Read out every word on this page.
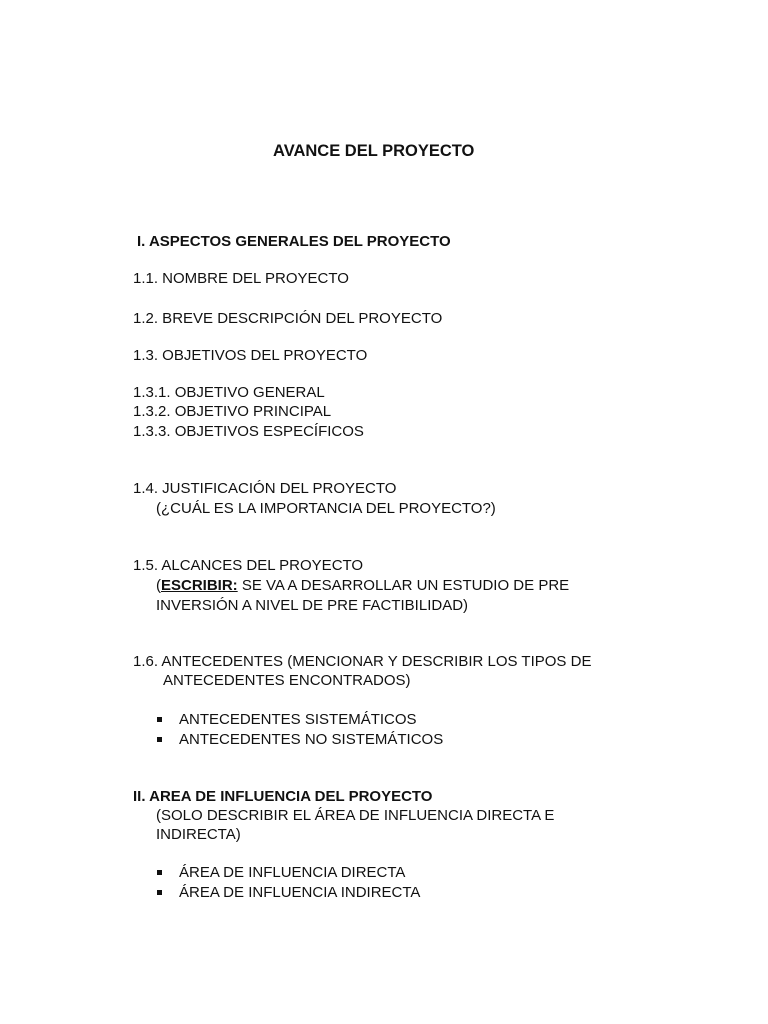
AVANCE DEL PROYECTO
I. ASPECTOS GENERALES DEL PROYECTO
1.1. NOMBRE DEL PROYECTO
1.2. BREVE DESCRIPCIÓN DEL PROYECTO
1.3. OBJETIVOS DEL PROYECTO
1.3.1. OBJETIVO GENERAL
1.3.2. OBJETIVO PRINCIPAL
1.3.3. OBJETIVOS ESPECÍFICOS
1.4. JUSTIFICACIÓN DEL PROYECTO
(¿CUÁL ES LA IMPORTANCIA DEL PROYECTO?)
1.5. ALCANCES DEL PROYECTO
(ESCRIBIR: SE VA A DESARROLLAR UN ESTUDIO DE PRE
INVERSIÓN A NIVEL DE PRE FACTIBILIDAD)
1.6. ANTECEDENTES (MENCIONAR Y DESCRIBIR LOS TIPOS DE
ANTECEDENTES ENCONTRADOS)
ANTECEDENTES SISTEMÁTICOS
ANTECEDENTES NO SISTEMÁTICOS
II. AREA DE INFLUENCIA DEL PROYECTO
(SOLO DESCRIBIR EL ÁREA DE INFLUENCIA DIRECTA E
INDIRECTA)
ÁREA DE INFLUENCIA DIRECTA
ÁREA DE INFLUENCIA INDIRECTA
